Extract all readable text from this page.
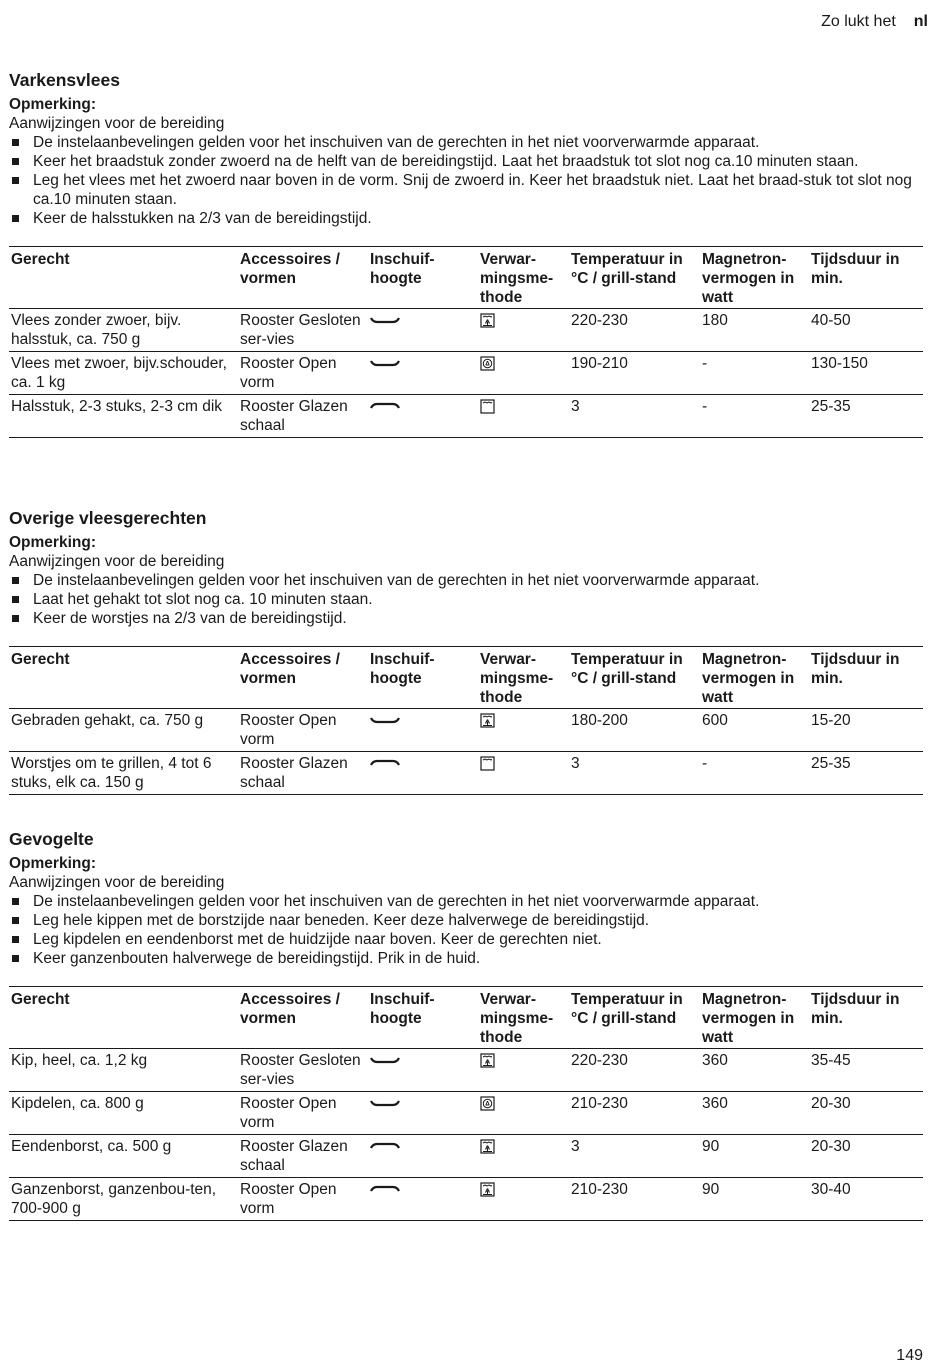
Zo lukt het nl
Varkensvlees
Opmerking:
Aanwijzingen voor de bereiding
De instelaanbevelingen gelden voor het inschuiven van de gerechten in het niet voorverwarmde apparaat.
Keer het braadstuk zonder zwoerd na de helft van de bereidingstijd. Laat het braadstuk tot slot nog ca.10 minuten staan.
Leg het vlees met het zwoerd naar boven in de vorm. Snij de zwoerd in. Keer het braadstuk niet. Laat het braad-stuk tot slot nog ca.10 minuten staan.
Keer de halsstukken na 2/3 van de bereidingstijd.
Gerecht	Accessoires / vormen	Inschuif-hoogte	Verwar-mingsme-thode	Temperatuur in °C / grill-stand	Magnetron-vermogen in watt	Tijdsduur in min.
Vlees zonder zwoer, bijv. halsstuk, ca. 750 g	Rooster Gesloten ser-vies			220-230	180	40-50
Vlees met zwoer, bijv.schouder, ca. 1 kg	Rooster Open vorm			190-210	-	130-150
Halsstuk, 2-3 stuks, 2-3 cm dik	Rooster Glazen schaal			3	-	25-35
Overige vleesgerechten
Opmerking:
Aanwijzingen voor de bereiding
De instelaanbevelingen gelden voor het inschuiven van de gerechten in het niet voorverwarmde apparaat.
Laat het gehakt tot slot nog ca. 10 minuten staan.
Keer de worstjes na 2/3 van de bereidingstijd.
Gerecht	Accessoires / vormen	Inschuif-hoogte	Verwar-mingsme-thode	Temperatuur in °C / grill-stand	Magnetron-vermogen in watt	Tijdsduur in min.
Gebraden gehakt, ca. 750 g	Rooster Open vorm			180-200	600	15-20
Worstjes om te grillen, 4 tot 6 stuks, elk ca. 150 g	Rooster Glazen schaal			3	-	25-35
Gevogelte
Opmerking:
Aanwijzingen voor de bereiding
De instelaanbevelingen gelden voor het inschuiven van de gerechten in het niet voorverwarmde apparaat.
Leg hele kippen met de borstzijde naar beneden. Keer deze halverwege de bereidingstijd.
Leg kipdelen en eendenborst met de huidzijde naar boven. Keer de gerechten niet.
Keer ganzenbouten halverwege de bereidingstijd. Prik in de huid.
Gerecht	Accessoires / vormen	Inschuif-hoogte	Verwar-mingsme-thode	Temperatuur in °C / grill-stand	Magnetron-vermogen in watt	Tijdsduur in min.
Kip, heel, ca. 1,2 kg	Rooster Gesloten ser-vies			220-230	360	35-45
Kipdelen, ca. 800 g	Rooster Open vorm			210-230	360	20-30
Eendenborst, ca. 500 g	Rooster Glazen schaal			3	90	20-30
Ganzenborst, ganzenbou-ten, 700-900 g	Rooster Open vorm			210-230	90	30-40
149
